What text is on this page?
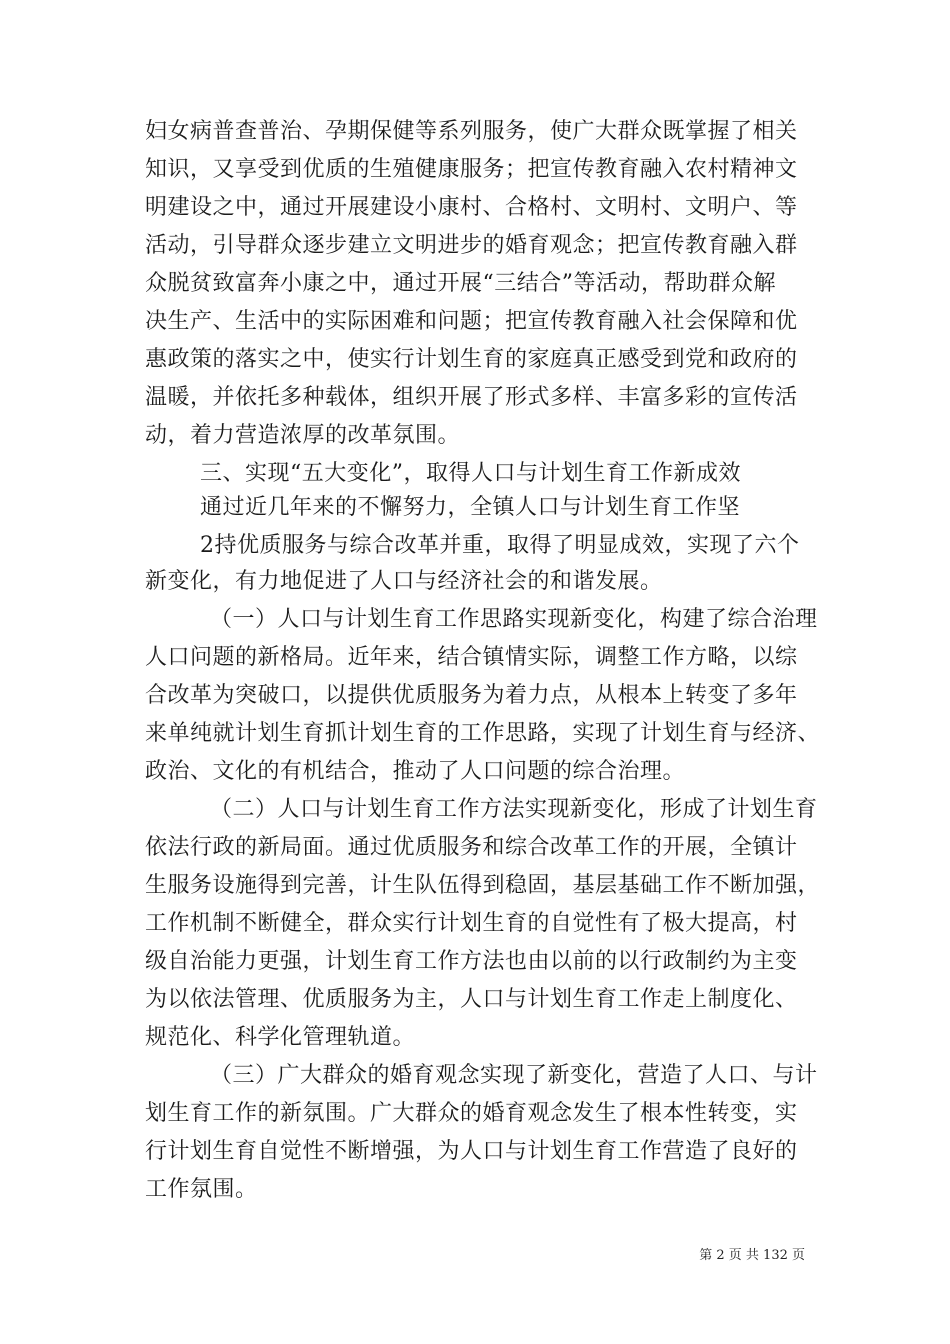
妇女病普查普治、孕期保健等系列服务，使广大群众既掌握了相关
知识，又享受到优质的生殖健康服务；把宣传教育融入农村精神文
明建设之中，通过开展建设小康村、合格村、文明村、文明户、等
活动，引导群众逐步建立文明进步的婚育观念；把宣传教育融入群
众脱贫致富奔小康之中，通过开展“三结合”等活动，帮助群众解
决生产、生活中的实际困难和问题；把宣传教育融入社会保障和优
惠政策的落实之中，使实行计划生育的家庭真正感受到党和政府的
温暖，并依托多种载体，组织开展了形式多样、丰富多彩的宣传活
动，着力营造浓厚的改革氛围。
三、实现“五大变化”，取得人口与计划生育工作新成效
通过近几年来的不懈努力，全镇人口与计划生育工作坚
2持优质服务与综合改革并重，取得了明显成效，实现了六个
新变化，有力地促进了人口与经济社会的和谐发展。
（一）人口与计划生育工作思路实现新变化，构建了综合治理
人口问题的新格局。近年来，结合镇情实际，调整工作方略，以综
合改革为突破口，以提供优质服务为着力点，从根本上转变了多年
来单纯就计划生育抓计划生育的工作思路，实现了计划生育与经济、
政治、文化的有机结合，推动了人口问题的综合治理。
（二）人口与计划生育工作方法实现新变化，形成了计划生育
依法行政的新局面。通过优质服务和综合改革工作的开展，全镇计
生服务设施得到完善，计生队伍得到稳固，基层基础工作不断加强，
工作机制不断健全，群众实行计划生育的自觉性有了极大提高，村
级自治能力更强，计划生育工作方法也由以前的以行政制约为主变
为以依法管理、优质服务为主，人口与计划生育工作走上制度化、
规范化、科学化管理轨道。
（三）广大群众的婚育观念实现了新变化，营造了人口、与计
划生育工作的新氛围。广大群众的婚育观念发生了根本性转变，实
行计划生育自觉性不断增强，为人口与计划生育工作营造了良好的
工作氛围。
第 2 页 共 132 页
